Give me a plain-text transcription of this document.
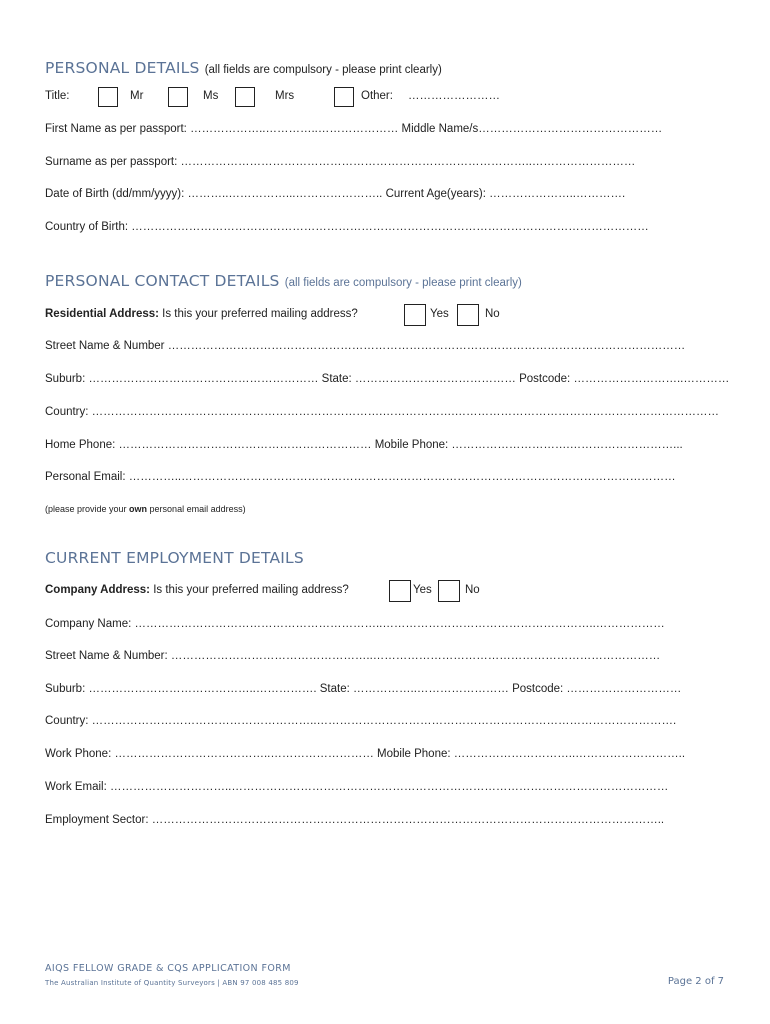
PERSONAL DETAILS (all fields are compulsory - please print clearly)
Title:	Mr	Ms	Mrs	Other: ……………………
First Name as per passport: ………………..…………..………………… Middle Name/s…………………………………………
Surname as per passport: ………………………………………………………………………………..………………………
Date of Birth (dd/mm/yyyy): ………..……………...………………….. Current Age(years): …………………..………….
Country of Birth: ………………………………………………………………………………………………………………………
PERSONAL CONTACT DETAILS (all fields are compulsory - please print clearly)
Residential Address: Is this your preferred mailing address?	Yes	No
Street Name & Number ………………………………………………………………………………………………………………………
Suburb: …………………………………………………… State: …………………………………… Postcode: ………………………..…………
Country: ………………………………………………………………….……………….……………………………………………………………
Home Phone: ………………………………………………………… Mobile Phone: ………………………….………………………...
Personal Email: …………..…………………………………………………………………………………………………………………
(please provide your own personal email address)
CURRENT EMPLOYMENT DETAILS
Company Address: Is this your preferred mailing address?	Yes	No
Company Name: ………………………………………………………..………………………………………………..………………
Street Name & Number: ……………………………………………..…………………………………………………………………
Suburb: ……………………………………..……………. State: ……………..…………………… Postcode: …………………………
Country: …………………………………………………..………………………………………………………………………………….
Work Phone: …………………………………..……………………… Mobile Phone: …………………………..………………………..
Work Email: …………………………..……………………………………………………………………………………………………
Employment Sector: ……………………………………………………………………………………………………………………..
AIQS FELLOW GRADE & CQS APPLICATION FORM
The Australian Institute of Quantity Surveyors | ABN 97 008 485 809	Page 2 of 7
